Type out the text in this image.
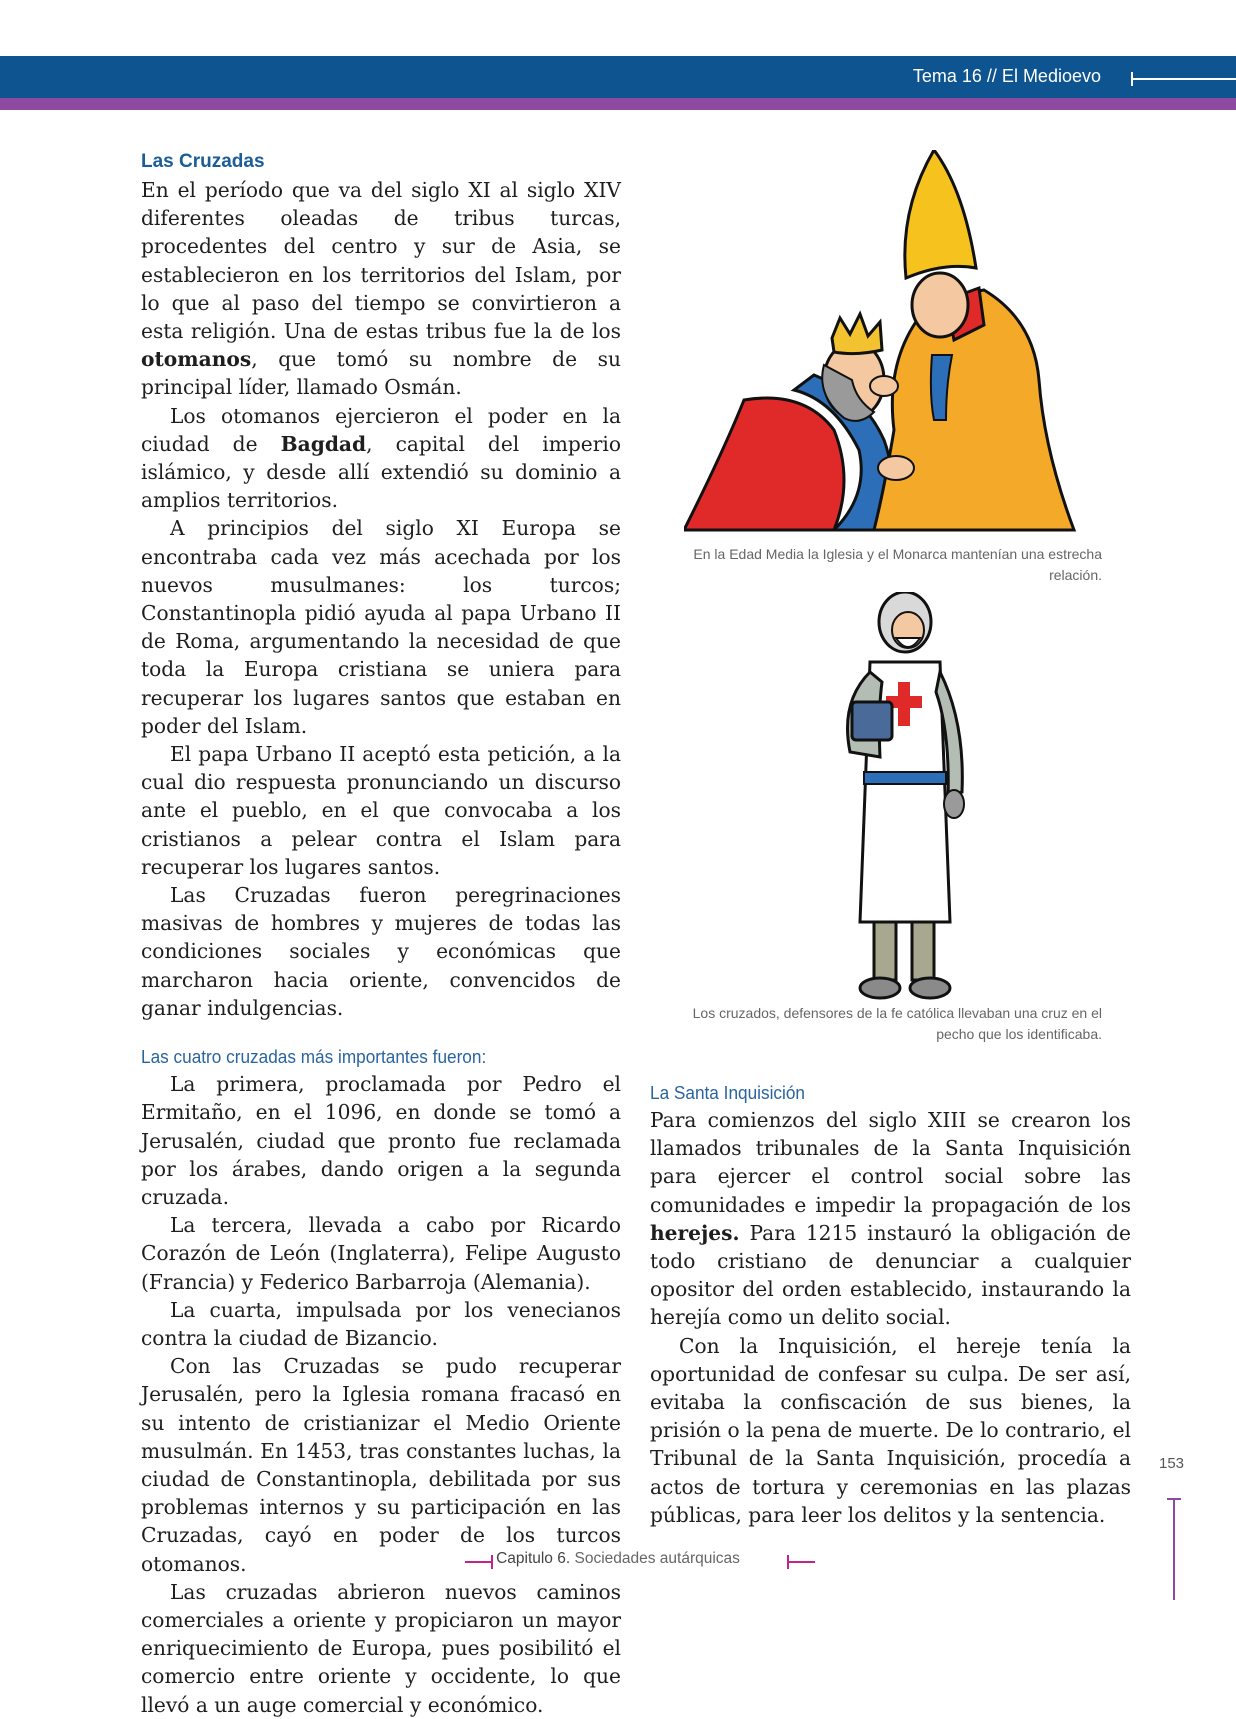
Tema 16 // El Medioevo
Las Cruzadas

En el período que va del siglo XI al siglo XIV diferentes oleadas de tribus turcas, procedentes del centro y sur de Asia, se establecieron en los territorios del Islam, por lo que al paso del tiempo se convirtieron a esta religión. Una de estas tribus fue la de los otomanos, que tomó su nombre de su principal líder, llamado Osmán.

Los otomanos ejercieron el poder en la ciudad de Bagdad, capital del imperio islámico, y desde allí extendió su dominio a amplios territorios.

A principios del siglo XI Europa se encontraba cada vez más acechada por los nuevos musulmanes: los turcos; Constantinopla pidió ayuda al papa Urbano II de Roma, argumentando la necesidad de que toda la Europa cristiana se uniera para recuperar los lugares santos que estaban en poder del Islam.

El papa Urbano II aceptó esta petición, a la cual dio respuesta pronunciando un discurso ante el pueblo, en el que convocaba a los cristianos a pelear contra el Islam para recuperar los lugares santos.

Las Cruzadas fueron peregrinaciones masivas de hombres y mujeres de todas las condiciones sociales y económicas que marcharon hacia oriente, convencidos de ganar indulgencias.

Las cuatro cruzadas más importantes fueron:

La primera, proclamada por Pedro el Ermitaño, en el 1096, en donde se tomó a Jerusalén, ciudad que pronto fue reclamada por los árabes, dando origen a la segunda cruzada.

La tercera, llevada a cabo por Ricardo Corazón de León (Inglaterra), Felipe Augusto (Francia) y Federico Barbarroja (Alemania).

La cuarta, impulsada por los venecianos contra la ciudad de Bizancio.

Con las Cruzadas se pudo recuperar Jerusalén, pero la Iglesia romana fracasó en su intento de cristianizar el Medio Oriente musulmán. En 1453, tras constantes luchas, la ciudad de Constantinopla, debilitada por sus problemas internos y su participación en las Cruzadas, cayó en poder de los turcos otomanos.

Las cruzadas abrieron nuevos caminos comerciales a oriente y propiciaron un mayor enriquecimiento de Europa, pues posibilitó el comercio entre oriente y occidente, lo que llevó a un auge comercial y económico.

En la Edad Media la Iglesia y el Monarca mantenían una estrecha relación.
Los cruzados, defensores de la fe católica llevaban una cruz en el pecho que los identificaba.
La Santa Inquisición

Para comienzos del siglo XIII se crearon los llamados tribunales de la Santa Inquisición para ejercer el control social sobre las comunidades e impedir la propagación de los herejes. Para 1215 instauró la obligación de todo cristiano de denunciar a cualquier opositor del orden establecido, instaurando la herejía como un delito social.

Con la Inquisición, el hereje tenía la oportunidad de confesar su culpa. De ser así, evitaba la confiscación de sus bienes, la prisión o la pena de muerte. De lo contrario, el Tribunal de la Santa Inquisición, procedía a actos de tortura y ceremonias en las plazas públicas, para leer los delitos y la sentencia.

153
Capitulo 6. Sociedades autárquicas
